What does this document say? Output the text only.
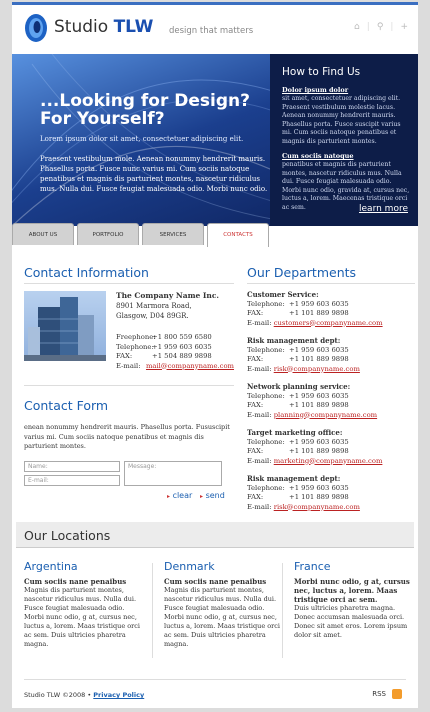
Studio TLW design that matters	⌂ | ⚲ | +
...Looking for Design?
For Yourself?
Lorem ipsum dolor sit amet, consectetuer adipiscing elit.
Praesent vestibulum mole. Aenean nonummy hendrerit mauris. Phasellus porta. Fusce nunc varius mi. Cum sociis natoque penatibus et magnis dis parturient montes, nascetur ridiculus mus. Nulla dui. Fusce feugiat malesuada odio. Morbi nunc odio.
How to Find Us
Dolor ipsum dolor
sit amet, consectetuer adipiscing elit. Praesent vestibulum molestie lacus. Aenean nonummy hendrerit mauris. Phasellus porta. Fusce suscipit varius mi. Cum sociis natoque penatibus et magnis dis parturient montes.
Cum sociis natoque
penatibus et magnis dis parturient montes, nascetur ridiculus mus. Nulla dui. Fusce feugiat malesuada odio. Morbi nunc odio, gravida at, cursus nec, luctus a, lorem. Maecenas tristique orci ac sem.	learn more
ABOUT US	PORTFOLIO	SERVICES	CONTACTS
Contact Information
The Company Name Inc.
8901 Marmora Road,
Glasgow, D04 89GR.
Freephone:
+1 800 559 6580
Telephone:
+1 959 603 6035
FAX:	+1 504 889 9898
E-mail: mail@companyname.com
Contact Form
enean nonummy hendrerit mauris. Phasellus porta. Fususcipit varius mi. Cum sociis natoque penatibus et magnis dis parturient montes.
Name:
E-mail:
Message:
▸ clear ▸ send
Our Departments
Customer Service:
Telephone: +1 959 603 6035
FAX:	+1 101 889 9898
E-mail:
customers@companyname.com
Risk management dept:
Telephone: +1 959 603 6035
FAX:	+1 101 889 9898
E-mail:
risk@companyname.com
Network planning service:
Telephone: +1 959 603 6035
FAX:	+1 101 889 9898
E-mail:
planning@companyname.com
Target marketing office:
Telephone: +1 959 603 6035
FAX:	+1 101 889 9898
E-mail:
marketing@companyname.com
Risk management dept:
Telephone: +1 959 603 6035
FAX:	+1 101 889 9898
E-mail:
risk@companyname.com
Our Locations
Argentina
Cum sociis nane penaibus
Magnis dis parturient montes, nascetur ridiculus mus. Nulla dui. Fusce feugiat malesuada odio. Morbi nunc odio, g at, cursus nec, luctus a, lorem. Maas tristique orci ac sem. Duis ultricies pharetra magna.
Denmark
Cum sociis nane penaibus
Magnis dis parturient montes, nascetur ridiculus mus. Nulla dui. Fusce feugiat malesuada odio. Morbi nunc odio, g at, cursus nec, luctus a, lorem. Maas tristique orci ac sem. Duis ultricies pharetra magna.
France
Morbi nunc odio, g at, cursus nec, luctus a, lorem. Maas tristique orci ac sem.
Duis ultricies pharetra magna. Donec accumsan malesuada orci. Donec sit amet eros. Lorem ipsum dolor sit amet.
Studio TLW ©2008 • Privacy Policy	RSS
